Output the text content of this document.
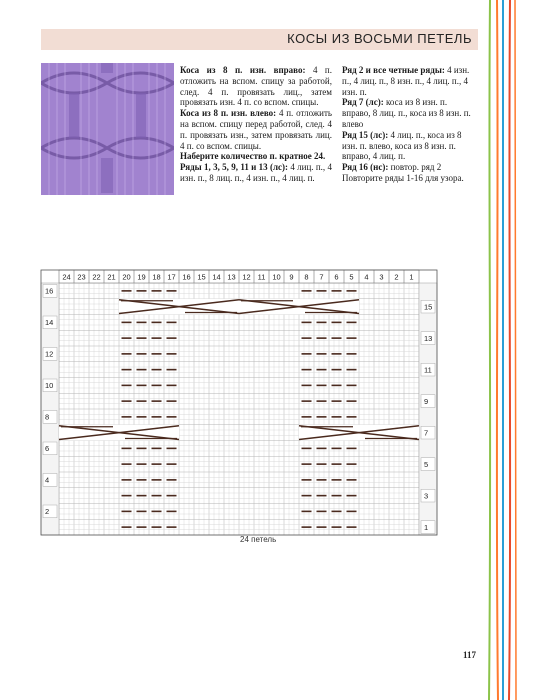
КОСЫ ИЗ ВОСЬМИ ПЕТЕЛЬ

Коса из 8 п. изн. вправо: 4 п. отложить на вспом. спицу за работой, след. 4 п. провязать лиц., затем провязать изн. 4 п. со вспом. спицы.

Коса из 8 п. изн. влево: 4 п. отложить на вспом. спицу перед работой, след. 4 п. провязать изн., затем провязать лиц. 4 п. со вспом. спицы.

Наберите количество п. кратное 24.

Ряды 1, 3, 5, 9, 11 и 13 (лс): 4 лиц. п., 4 изн. п., 8 лиц. п., 4 изн. п., 4 лиц. п.

Ряд 2 и все четные ряды: 4 изн. п., 4 лиц. п., 8 изн. п., 4 лиц. п., 4 изн. п.

Ряд 7 (лс): коса из 8 изн. п. вправо, 8 лиц. п., коса из 8 изн. п. влево

Ряд 15 (лс): 4 лиц. п., коса из 8 изн. п. влево, коса из 8 изн. п. вправо, 4 лиц. п.

Ряд 16 (нс): повтор. ряд 2

Повторите ряды 1-16 для узора.

24 23 22 21 20 19 18 17 16 15 14 13 12 11 10 9 8 7 6 5 4 3 2 1
16
14
12
10
8
6
4
2
15
13
11
9
7
5
3
1
24 петель
117
